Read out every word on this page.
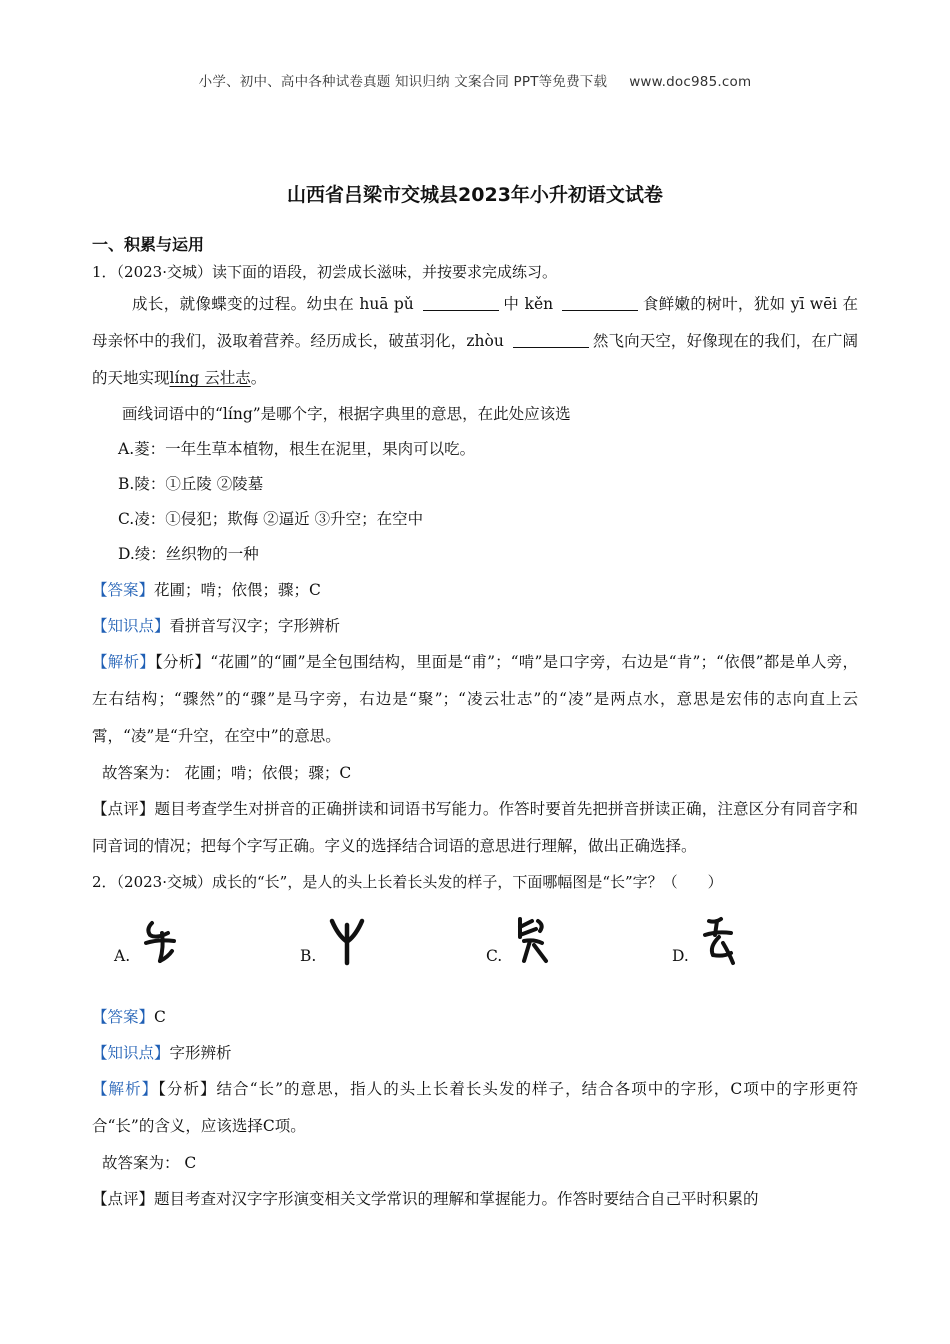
小学、初中、高中各种试卷真题 知识归纳 文案合同 PPT等免费下载 www.doc985.com
山西省吕梁市交城县2023年小升初语文试卷
一、积累与运用
1．（2023·交城）读下面的语段，初尝成长滋味，并按要求完成练习。
成长，就像蝶变的过程。幼虫在 huā pǔ	中 kěn	食鲜嫩的树叶，犹如 yī wēi 在母亲怀中的我们，汲取着营养。经历成长，破茧羽化，zhòu	然飞向天空，好像现在的我们，在广阔的天地实现líng 云壮志。
画线词语中的“líng”是哪个字，根据字典里的意思，在此处应该选
A.菱：一年生草本植物，根生在泥里，果肉可以吃。
B.陵：①丘陵 ②陵墓
C.凌：①侵犯；欺侮 ②逼近 ③升空；在空中
D.绫：丝织物的一种
【答案】花圃；啃；依偎；骤；C
【知识点】看拼音写汉字；字形辨析
【解析】【分析】“花圃”的“圃”是全包围结构，里面是“甫”；“啃”是口字旁，右边是“肯”；“依偎”都是单人旁，左右结构；“骤然”的“骤”是马字旁，右边是“聚”；“凌云壮志”的“凌”是两点水，意思是宏伟的志向直上云霄，“凌”是“升空，在空中”的意思。
故答案为： 花圃；啃；依偎；骤；C
【点评】题目考查学生对拼音的正确拼读和词语书写能力。作答时要首先把拼音拼读正确，注意区分有同音字和同音词的情况；把每个字写正确。字义的选择结合词语的意思进行理解，做出正确选择。
2．（2023·交城）成长的“长”，是人的头上长着长头发的样子，下面哪幅图是“长”字？（　　）
A.	B.	C.	D.
【答案】C
【知识点】字形辨析
【解析】【分析】结合“长”的意思，指人的头上长着长头发的样子，结合各项中的字形，C项中的字形更符合“长”的含义，应该选择C项。
故答案为： C
【点评】题目考查对汉字字形演变相关文学常识的理解和掌握能力。作答时要结合自己平时积累的
